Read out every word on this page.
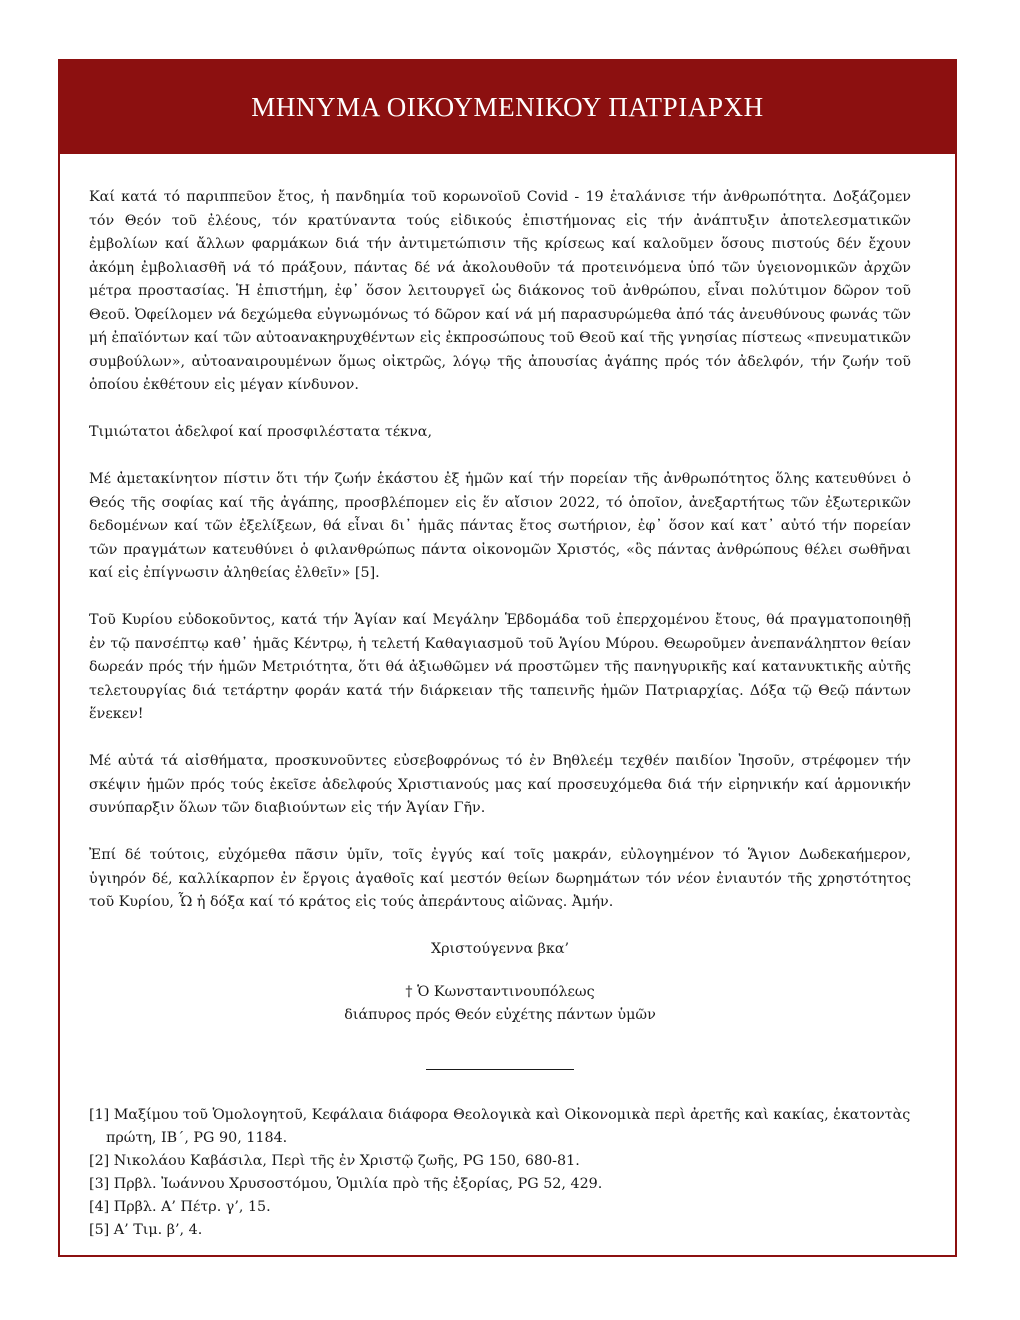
ΜΗΝΥΜΑ ΟΙΚΟΥΜΕΝΙΚΟΥ ΠΑΤΡΙΑΡΧΗ

Καί κατά τό παριππεῦον ἔτος, ἡ πανδημία τοῦ κορωνοϊοῦ Covid - 19 ἐταλάνισε τήν ἀνθρωπότητα. Δοξάζομεν τόν Θεόν τοῦ ἐλέους, τόν κρατύναντα τούς εἰδικούς ἐπιστήμονας εἰς τήν ἀνάπτυξιν ἀποτελεσματικῶν ἐμβολίων καί ἄλλων φαρμάκων διά τήν ἀντιμετώπισιν τῆς κρίσεως καί καλοῦμεν ὅσους πιστούς δέν ἔχουν ἀκόμη ἐμβολιασθῆ νά τό πράξουν, πάντας δέ νά ἀκολουθοῦν τά προτεινόμενα ὑπό τῶν ὑγειονομικῶν ἀρχῶν μέτρα προστασίας. Ἡ ἐπιστήμη, ἐφ᾽ ὅσον λειτουργεῖ ὡς διάκονος τοῦ ἀνθρώπου, εἶναι πολύτιμον δῶρον τοῦ Θεοῦ. Ὀφείλομεν νά δεχώμεθα εὐγνωμόνως τό δῶρον καί νά μή παρασυρώμεθα ἀπό τάς ἀνευθύνους φωνάς τῶν μή ἐπαϊόντων καί τῶν αὐτοανακηρυχθέντων εἰς ἐκπροσώπους τοῦ Θεοῦ καί τῆς γνησίας πίστεως «πνευματικῶν συμβούλων», αὐτοαναιρουμένων ὅμως οἰκτρῶς, λόγῳ τῆς ἀπουσίας ἀγάπης πρός τόν ἀδελφόν, τήν ζωήν τοῦ ὁποίου ἐκθέτουν εἰς μέγαν κίνδυνον.

Τιμιώτατοι ἀδελφοί καί προσφιλέστατα τέκνα,

Μέ ἀμετακίνητον πίστιν ὅτι τήν ζωήν ἑκάστου ἐξ ἡμῶν καί τήν πορείαν τῆς ἀνθρωπότητος ὅλης κατευθύνει ὁ Θεός τῆς σοφίας καί τῆς ἀγάπης, προσβλέπομεν εἰς ἕν αἴσιον 2022, τό ὁποῖον, ἀνεξαρτήτως τῶν ἐξωτερικῶν δεδομένων καί τῶν ἐξελίξεων, θά εἶναι δι᾽ ἡμᾶς πάντας ἔτος σωτήριον, ἐφ᾽ ὅσον καί κατ᾽ αὐτό τήν πορείαν τῶν πραγμάτων κατευθύνει ὁ φιλανθρώπως πάντα οἰκονομῶν Χριστός, «ὃς πάντας ἀνθρώπους θέλει σωθῆναι καί εἰς ἐπίγνωσιν ἀληθείας ἐλθεῖν» [5].

Τοῦ Κυρίου εὐδοκοῦντος, κατά τήν Ἁγίαν καί Μεγάλην Ἑβδομάδα τοῦ ἐπερχομένου ἔτους, θά πραγματοποιηθῇ ἐν τῷ πανσέπτῳ καθ᾽ ἡμᾶς Κέντρῳ, ἡ τελετή Καθαγιασμοῦ τοῦ Ἁγίου Μύρου. Θεωροῦμεν ἀνεπανάληπτον θείαν δωρεάν πρός τήν ἡμῶν Μετριότητα, ὅτι θά ἀξιωθῶμεν νά προστῶμεν τῆς πανηγυρικῆς καί κατανυκτικῆς αὐτῆς τελετουργίας διά τετάρτην φοράν κατά τήν διάρκειαν τῆς ταπεινῆς ἡμῶν Πατριαρχίας. Δόξα τῷ Θεῷ πάντων ἕνεκεν!

Μέ αὐτά τά αἰσθήματα, προσκυνοῦντες εὐσεβοφρόνως τό ἐν Βηθλεέμ τεχθέν παιδίον Ἰησοῦν, στρέφομεν τήν σκέψιν ἡμῶν πρός τούς ἐκεῖσε ἀδελφούς Χριστιανούς μας καί προσευχόμεθα διά τήν εἰρηνικήν καί ἁρμονικήν συνύπαρξιν ὅλων τῶν διαβιούντων εἰς τήν Ἁγίαν Γῆν.

Ἐπί δέ τούτοις, εὐχόμεθα πᾶσιν ὑμῖν, τοῖς ἐγγύς καί τοῖς μακράν, εὐλογημένον τό Ἅγιον Δωδεκαήμερον, ὑγιηρόν δέ, καλλίκαρπον ἐν ἔργοις ἀγαθοῖς καί μεστόν θείων δωρημάτων τόν νέον ἐνιαυτόν τῆς χρηστότητος τοῦ Κυρίου, Ὧ ἡ δόξα καί τό κράτος εἰς τούς ἀπεράντους αἰῶνας. Ἀμήν.

Χριστούγεννα βκα’

† Ὁ Κωνσταντινουπόλεως
διάπυρος πρός Θεόν εὐχέτης πάντων ὑμῶν
[1] Μαξίμου τοῦ Ὁμολογητοῦ, Κεφάλαια διάφορα Θεολογικὰ καὶ Οἰκονομικὰ περὶ ἀρετῆς καὶ κακίας, ἑκατοντὰς πρώτη, ΙΒ΄, PG 90, 1184.
[2] Νικολάου Καβάσιλα, Περὶ τῆς ἐν Χριστῷ ζωῆς, PG 150, 680-81.
[3] Πρβλ. Ἰωάννου Χρυσοστόμου, Ὁμιλία πρὸ τῆς ἐξορίας, PG 52, 429.
[4] Πρβλ. Α’ Πέτρ. γ’, 15.
[5] Α’ Τιμ. β’, 4.
